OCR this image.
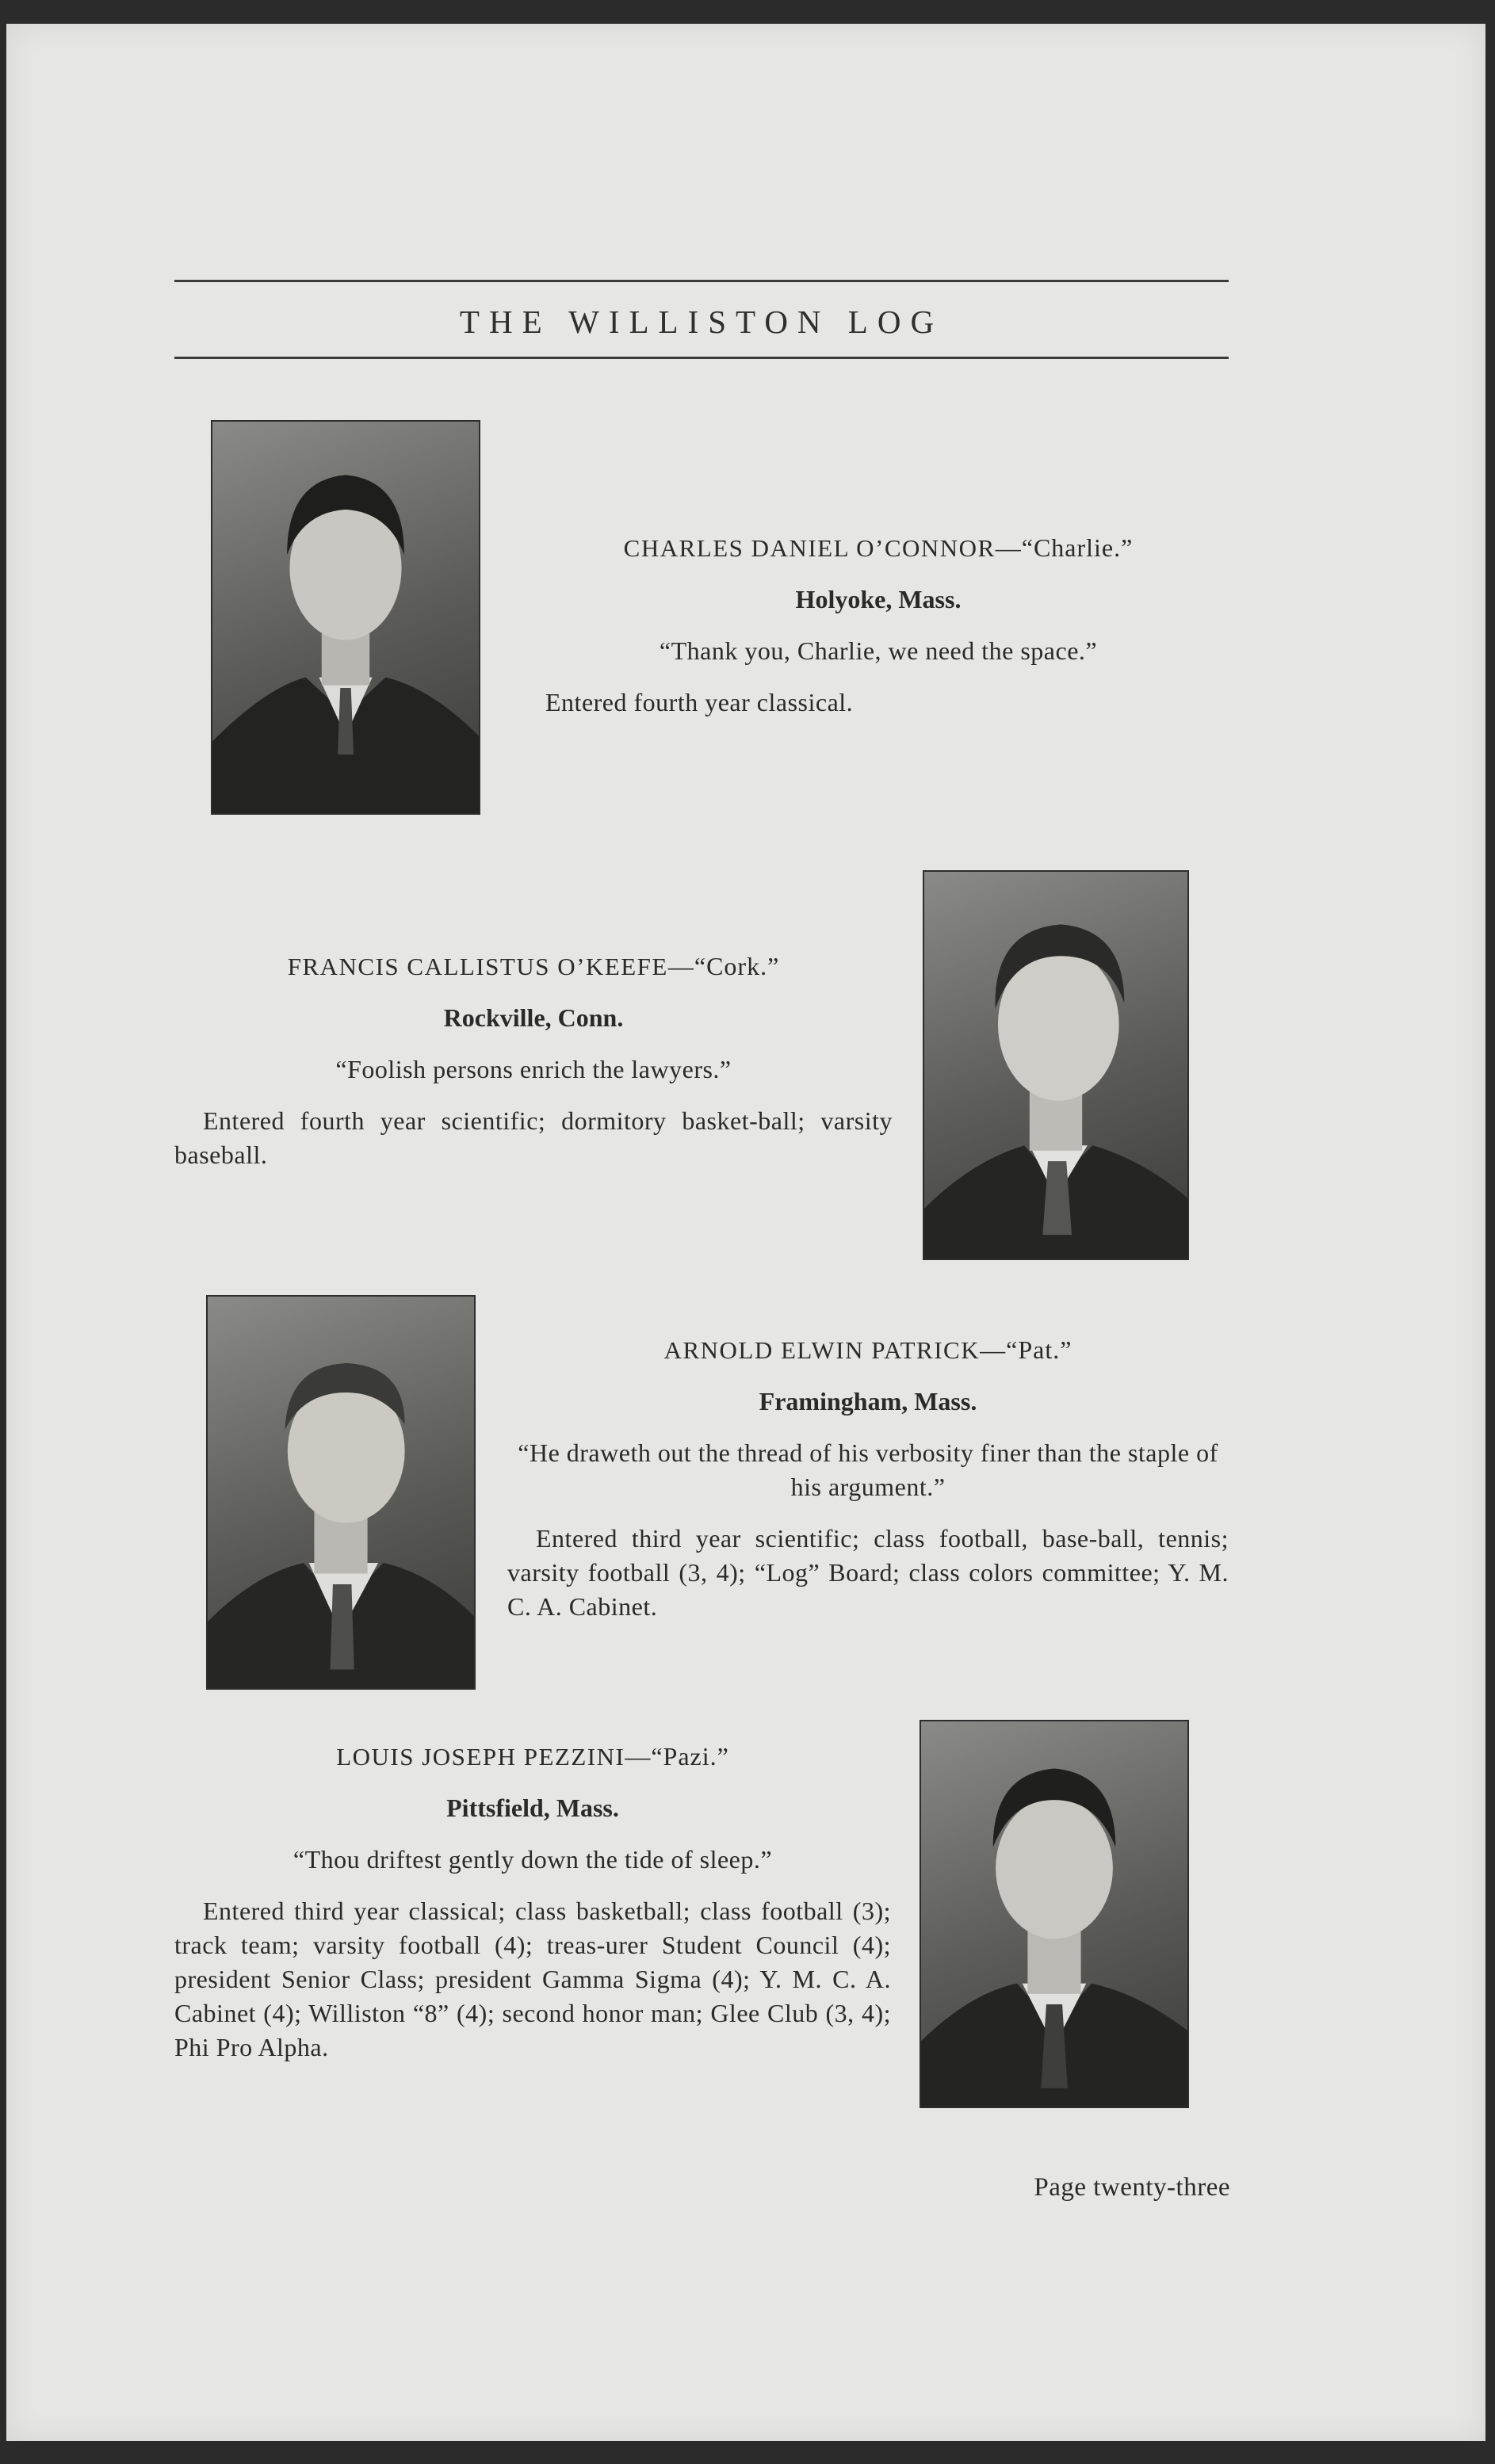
THE WILLISTON LOG
CHARLES DANIEL O’CONNOR—“Charlie.”
Holyoke, Mass.
“Thank you, Charlie, we need the space.”
Entered fourth year classical.
FRANCIS CALLISTUS O’KEEFE—“Cork.”
Rockville, Conn.
“Foolish persons enrich the lawyers.”
Entered fourth year scientific; dormitory basket-ball; varsity baseball.
ARNOLD ELWIN PATRICK—“Pat.”
Framingham, Mass.
“He draweth out the thread of his verbosity finer than the staple of his argument.”
Entered third year scientific; class football, base-ball, tennis; varsity football (3, 4); “Log” Board; class colors committee; Y. M. C. A. Cabinet.
LOUIS JOSEPH PEZZINI—“Pazi.”
Pittsfield, Mass.
“Thou driftest gently down the tide of sleep.”
Entered third year classical; class basketball; class football (3); track team; varsity football (4); treas-urer Student Council (4); president Senior Class; president Gamma Sigma (4); Y. M. C. A. Cabinet (4); Williston “8” (4); second honor man; Glee Club (3, 4); Phi Pro Alpha.
Page twenty-three
